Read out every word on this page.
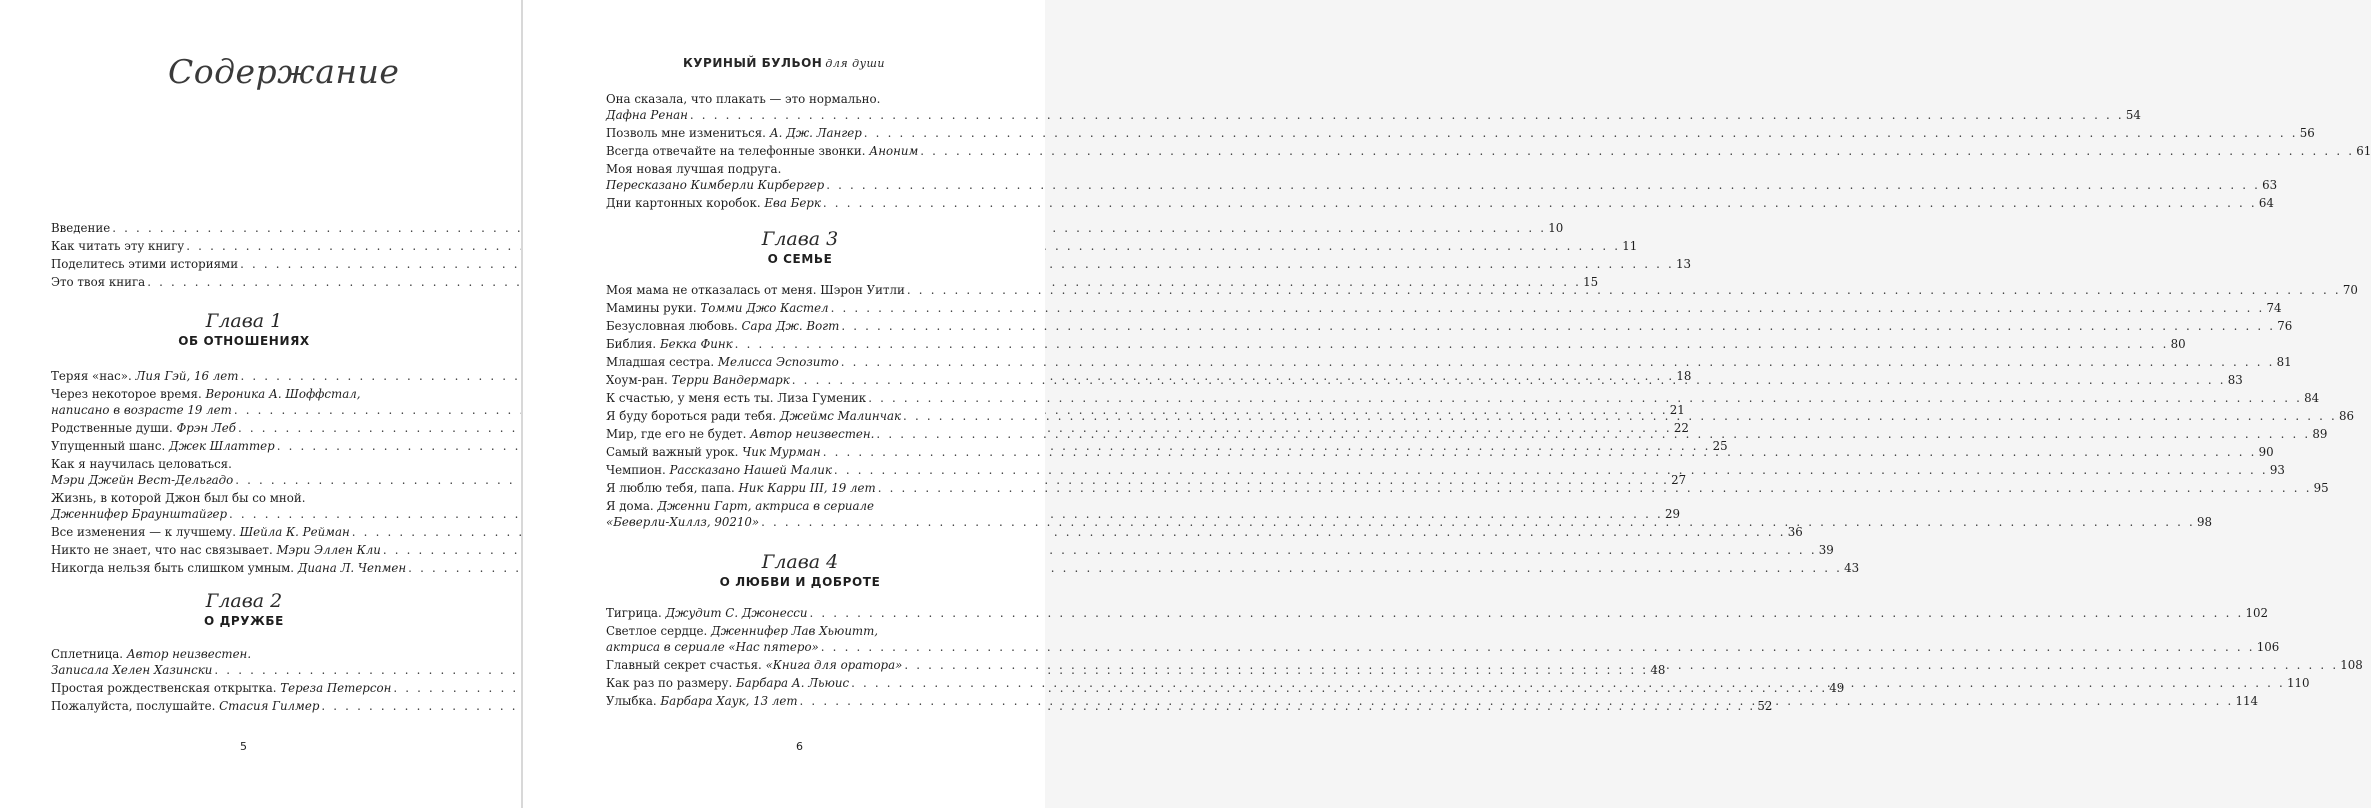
Содержание
Введение . . .	10
Как читать эту книгу . . .	11
Поделитесь этими историями . . .	13
Это твоя книга . . .	15
Глава 1
ОБ ОТНОШЕНИЯХ
Теряя «нас». Лия Гэй, 16 лет . . .	18
Через некоторое время. Вероника А. Шоффстал,
написано в возрасте 19 лет . . .	21
Родственные души. Фрэн Леб . . .	22
Упущенный шанс. Джек Шлаттер . . .	25
Как я научилась целоваться.
Мэри Джейн Вест-Дельгадо . . .	27
Жизнь, в которой Джон был бы со мной.
Дженнифер Браунштайгер . . .	29
Все изменения — к лучшему. Шейла К. Рейман . . .	36
Никто не знает, что нас связывает. Мэри Эллен Кли . . .	39
Никогда нельзя быть слишком умным. Диана Л. Чепмен . . .	43
Глава 2
О ДРУЖБЕ
Сплетница. Автор неизвестен.
Записала Хелен Хазински . . .	48
Простая рождественская открытка. Тереза Петерсон . . .	49
Пожалуйста, послушайте. Стасия Гилмер . . .	52
5
КУРИНЫЙ БУЛЬОН для души
6
Она сказала, что плакать — это нормально.
Дафна Ренан . . .	54
Позволь мне измениться. А. Дж. Лангер . . .	56
Всегда отвечайте на телефонные звонки. Аноним . . .	61
Моя новая лучшая подруга.
Пересказано Кимберли Кирбергер . . .	63
Дни картонных коробок. Ева Берк . . .	64
Глава 3
О СЕМЬЕ
Моя мама не отказалась от меня. Шэрон Уитли . . .	70
Мамины руки. Томми Джо Кастел . . .	74
Безусловная любовь. Сара Дж. Вогт . . .	76
Библия. Бекка Финк . . .	80
Младшая сестра. Мелисса Эспозито . . .	81
Хоум-ран. Терри Вандермарк . . .	83
К счастью, у меня есть ты. Лиза Гуменик . . .	84
Я буду бороться ради тебя. Джеймс Малинчак . . .	86
Мир, где его не будет. Автор неизвестен. . . .	89
Самый важный урок. Чик Мурман . . .	90
Чемпион. Рассказано Нашей Малик . . .	93
Я люблю тебя, папа. Ник Карри III, 19 лет . . .	95
Я дома. Дженни Гарт, актриса в сериале
«Беверли-Хиллз, 90210» . . .	98
Глава 4
О ЛЮБВИ И ДОБРОТЕ
Тигрица. Джудит С. Джонесси . . .	102
Светлое сердце. Дженнифер Лав Хьюитт,
актриса в сериале «Нас пятеро» . . .	106
Главный секрет счастья. «Книга для оратора» . . .	108
Как раз по размеру. Барбара А. Льюис . . .	110
Улыбка. Барбара Хаук, 13 лет . . .	114
